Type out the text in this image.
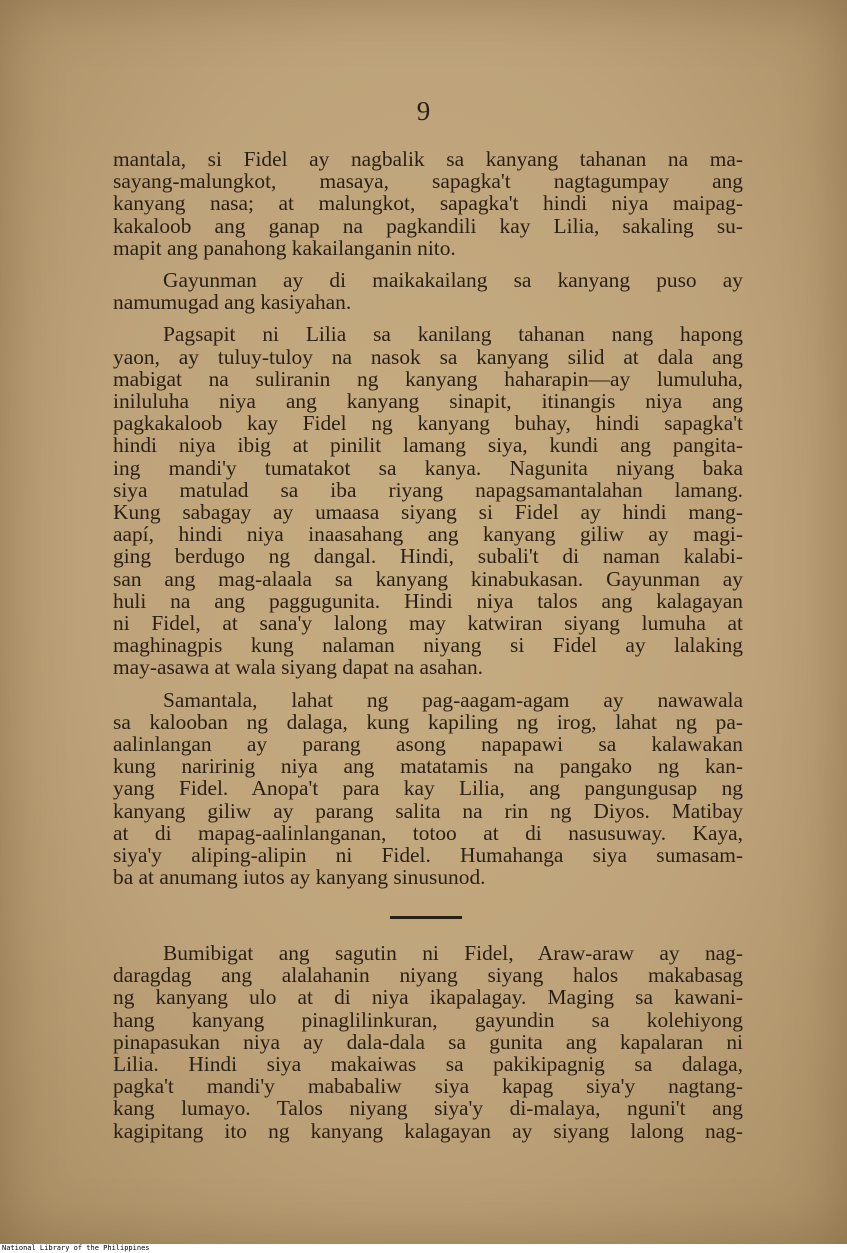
9
mantala, si Fidel ay nagbalik sa kanyang tahanan na ma-
sayang-malungkot, masaya, sapagka't nagtagumpay ang
kanyang nasa; at malungkot, sapagka't hindi niya maipag-
kakaloob ang ganap na pagkandili kay Lilia, sakaling su-
mapit ang panahong kakailanganin nito.
Gayunman ay di maikakailang sa kanyang puso ay
namumugad ang kasiyahan.
Pagsapit ni Lilia sa kanilang tahanan nang hapong
yaon, ay tuluy-tuloy na nasok sa kanyang silid at dala ang
mabigat na suliranin ng kanyang haharapin—ay lumuluha,
iniluluha niya ang kanyang sinapit, itinangis niya ang
pagkakaloob kay Fidel ng kanyang buhay, hindi sapagka't
hindi niya ibig at pinilit lamang siya, kundi ang pangita-
ing mandi'y tumatakot sa kanya. Nagunita niyang baka
siya matulad sa iba riyang napagsamantalahan lamang.
Kung sabagay ay umaasa siyang si Fidel ay hindi mang-
aapí, hindi niya inaasahang ang kanyang giliw ay magi-
ging berdugo ng dangal. Hindi, subali't di naman kalabi-
san ang mag-alaala sa kanyang kinabukasan. Gayunman ay
huli na ang paggugunita. Hindi niya talos ang kalagayan
ni Fidel, at sana'y lalong may katwiran siyang lumuha at
maghinagpis kung nalaman niyang si Fidel ay lalaking
may-asawa at wala siyang dapat na asahan.
Samantala, lahat ng pag-aagam-agam ay nawawala
sa kalooban ng dalaga, kung kapiling ng irog, lahat ng pa-
aalinlangan ay parang asong napapawi sa kalawakan
kung naririnig niya ang matatamis na pangako ng kan-
yang Fidel. Anopa't para kay Lilia, ang pangungusap ng
kanyang giliw ay parang salita na rin ng Diyos. Matibay
at di mapag-aalinlanganan, totoo at di nasusuway. Kaya,
siya'y aliping-alipin ni Fidel. Humahanga siya sumasam-
ba at anumang iutos ay kanyang sinusunod.
Bumibigat ang sagutin ni Fidel, Araw-araw ay nag-
daragdag ang alalahanin niyang siyang halos makabasag
ng kanyang ulo at di niya ikapalagay. Maging sa kawani-
hang kanyang pinaglilinkuran, gayundin sa kolehiyong
pinapasukan niya ay dala-dala sa gunita ang kapalaran ni
Lilia. Hindi siya makaiwas sa pakikipagnig sa dalaga,
pagka't mandi'y mababaliw siya kapag siya'y nagtang-
kang lumayo. Talos niyang siya'y di-malaya, nguni't ang
kagipitang ito ng kanyang kalagayan ay siyang lalong nag-
National Library of the Philippines
